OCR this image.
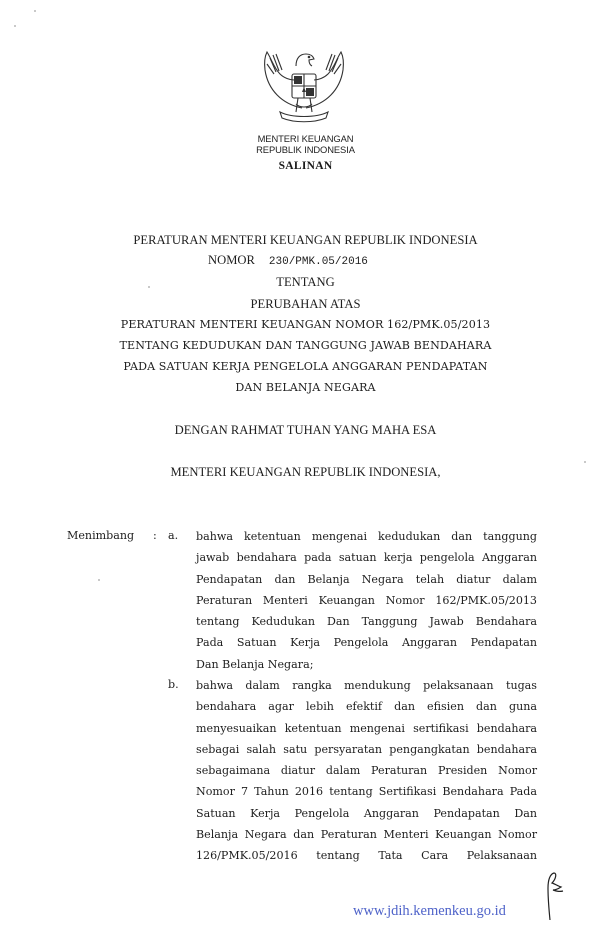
MENTERI KEUANGAN
REPUBLIK INDONESIA
SALINAN
PERATURAN MENTERI KEUANGAN REPUBLIK INDONESIA
NOMOR 230/PMK.05/2016
TENTANG
PERUBAHAN ATAS
PERATURAN MENTERI KEUANGAN NOMOR 162/PMK.05/2013
TENTANG KEDUDUKAN DAN TANGGUNG JAWAB BENDAHARA
PADA SATUAN KERJA PENGELOLA ANGGARAN PENDAPATAN
DAN BELANJA NEGARA
DENGAN RAHMAT TUHAN YANG MAHA ESA
MENTERI KEUANGAN REPUBLIK INDONESIA,
Menimbang : a. bahwa ketentuan mengenai kedudukan dan tanggung
jawab bendahara pada satuan kerja pengelola Anggaran
Pendapatan dan Belanja Negara telah diatur dalam
Peraturan Menteri Keuangan Nomor 162/PMK.05/2013
tentang Kedudukan Dan Tanggung Jawab Bendahara
Pada Satuan Kerja Pengelola Anggaran Pendapatan
Dan Belanja Negara;
b. bahwa dalam rangka mendukung pelaksanaan tugas
bendahara agar lebih efektif dan efisien dan guna
menyesuaikan ketentuan mengenai sertifikasi bendahara
sebagai salah satu persyaratan pengangkatan bendahara
sebagaimana diatur dalam Peraturan Presiden Nomor
Nomor 7 Tahun 2016 tentang Sertifikasi Bendahara Pada
Satuan Kerja Pengelola Anggaran Pendapatan Dan
Belanja Negara dan Peraturan Menteri Keuangan Nomor
126/PMK.05/2016 tentang Tata Cara Pelaksanaan
www.jdih.kemenkeu.go.id
